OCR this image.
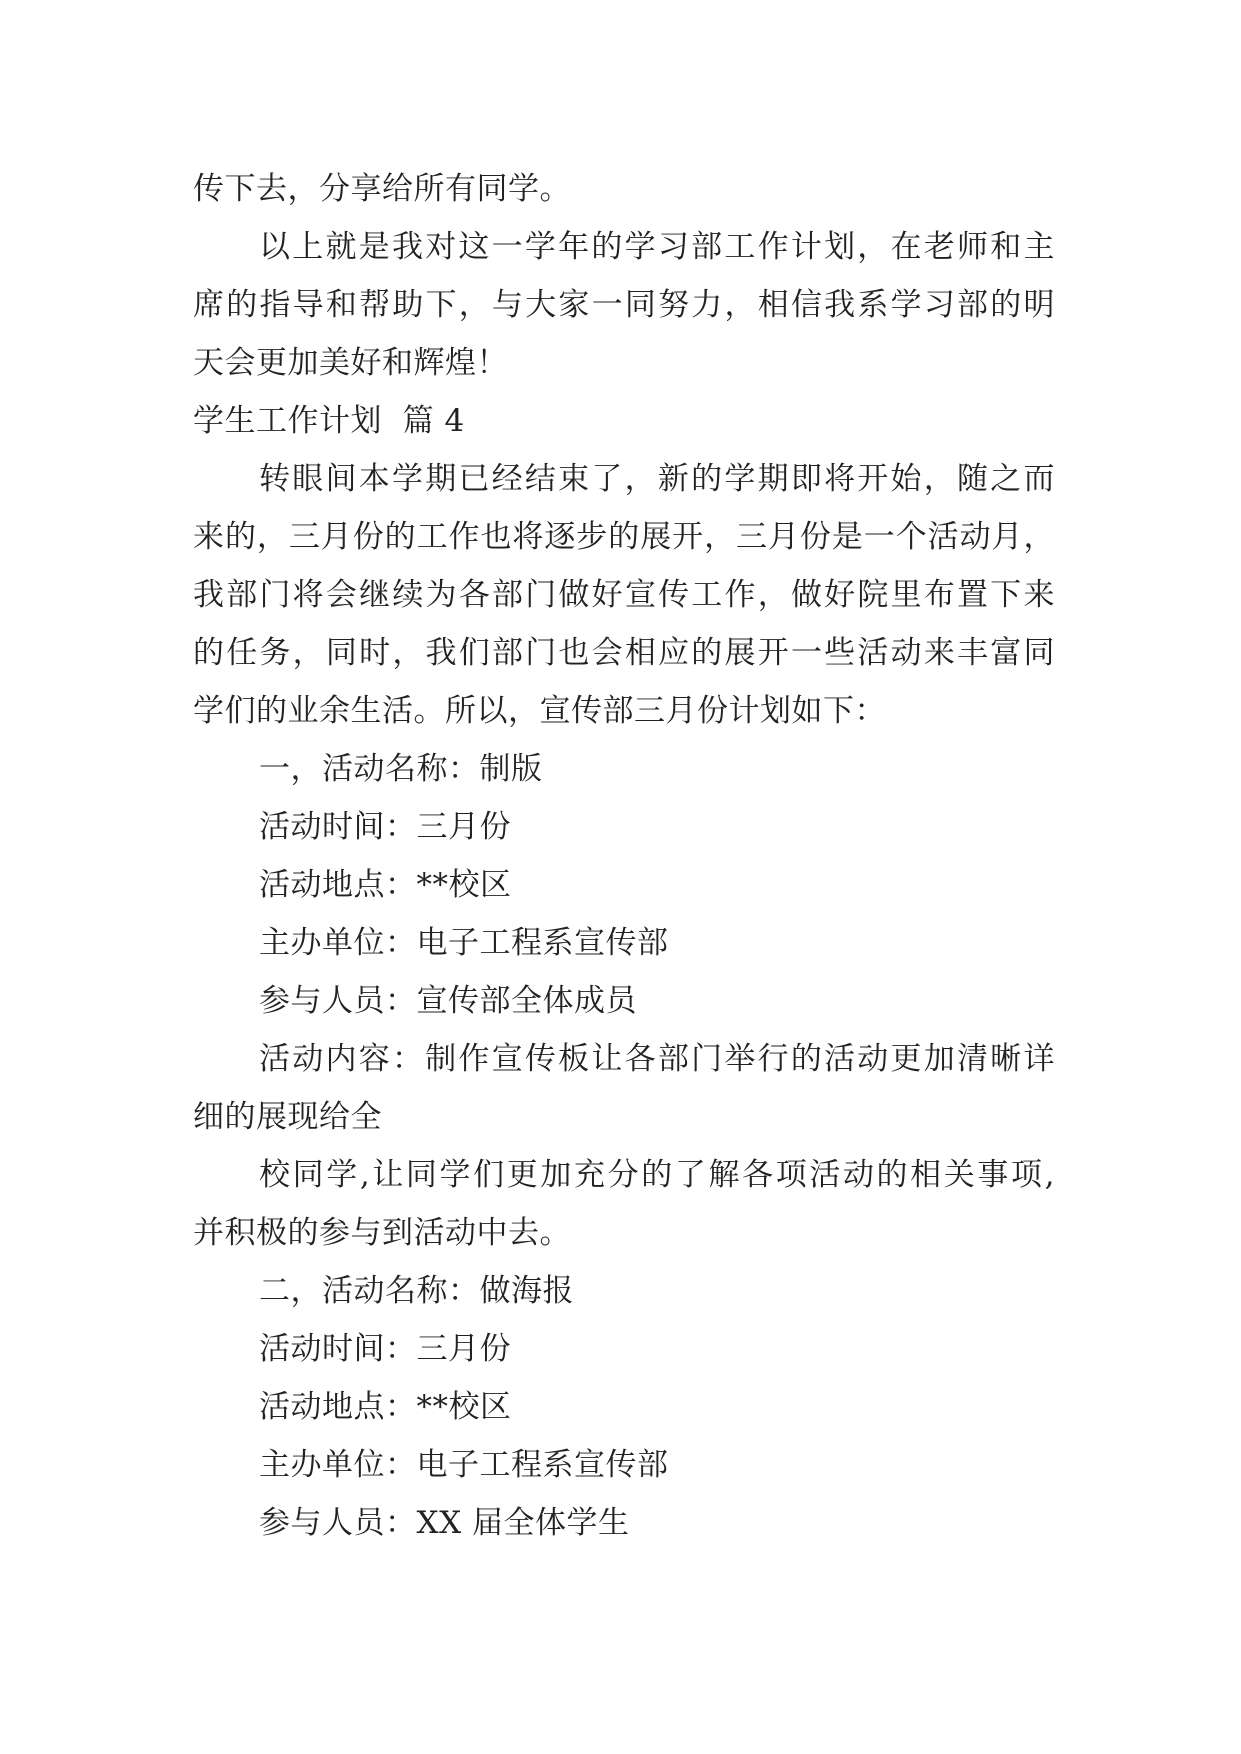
传下去，分享给所有同学。
以上就是我对这一学年的学习部工作计划，在老师和主
席的指导和帮助下，与大家一同努力，相信我系学习部的明
天会更加美好和辉煌！
学生工作计划  篇 4
转眼间本学期已经结束了，新的学期即将开始，随之而
来的，三月份的工作也将逐步的展开，三月份是一个活动月，
我部门将会继续为各部门做好宣传工作，做好院里布置下来
的任务，同时，我们部门也会相应的展开一些活动来丰富同
学们的业余生活。所以，宣传部三月份计划如下：
一，活动名称：制版
活动时间：三月份
活动地点：**校区
主办单位：电子工程系宣传部
参与人员：宣传部全体成员
活动内容：制作宣传板让各部门举行的活动更加清晰详
细的展现给全
校同学,让同学们更加充分的了解各项活动的相关事项,
并积极的参与到活动中去。
二，活动名称：做海报
活动时间：三月份
活动地点：**校区
主办单位：电子工程系宣传部
参与人员：XX 届全体学生
